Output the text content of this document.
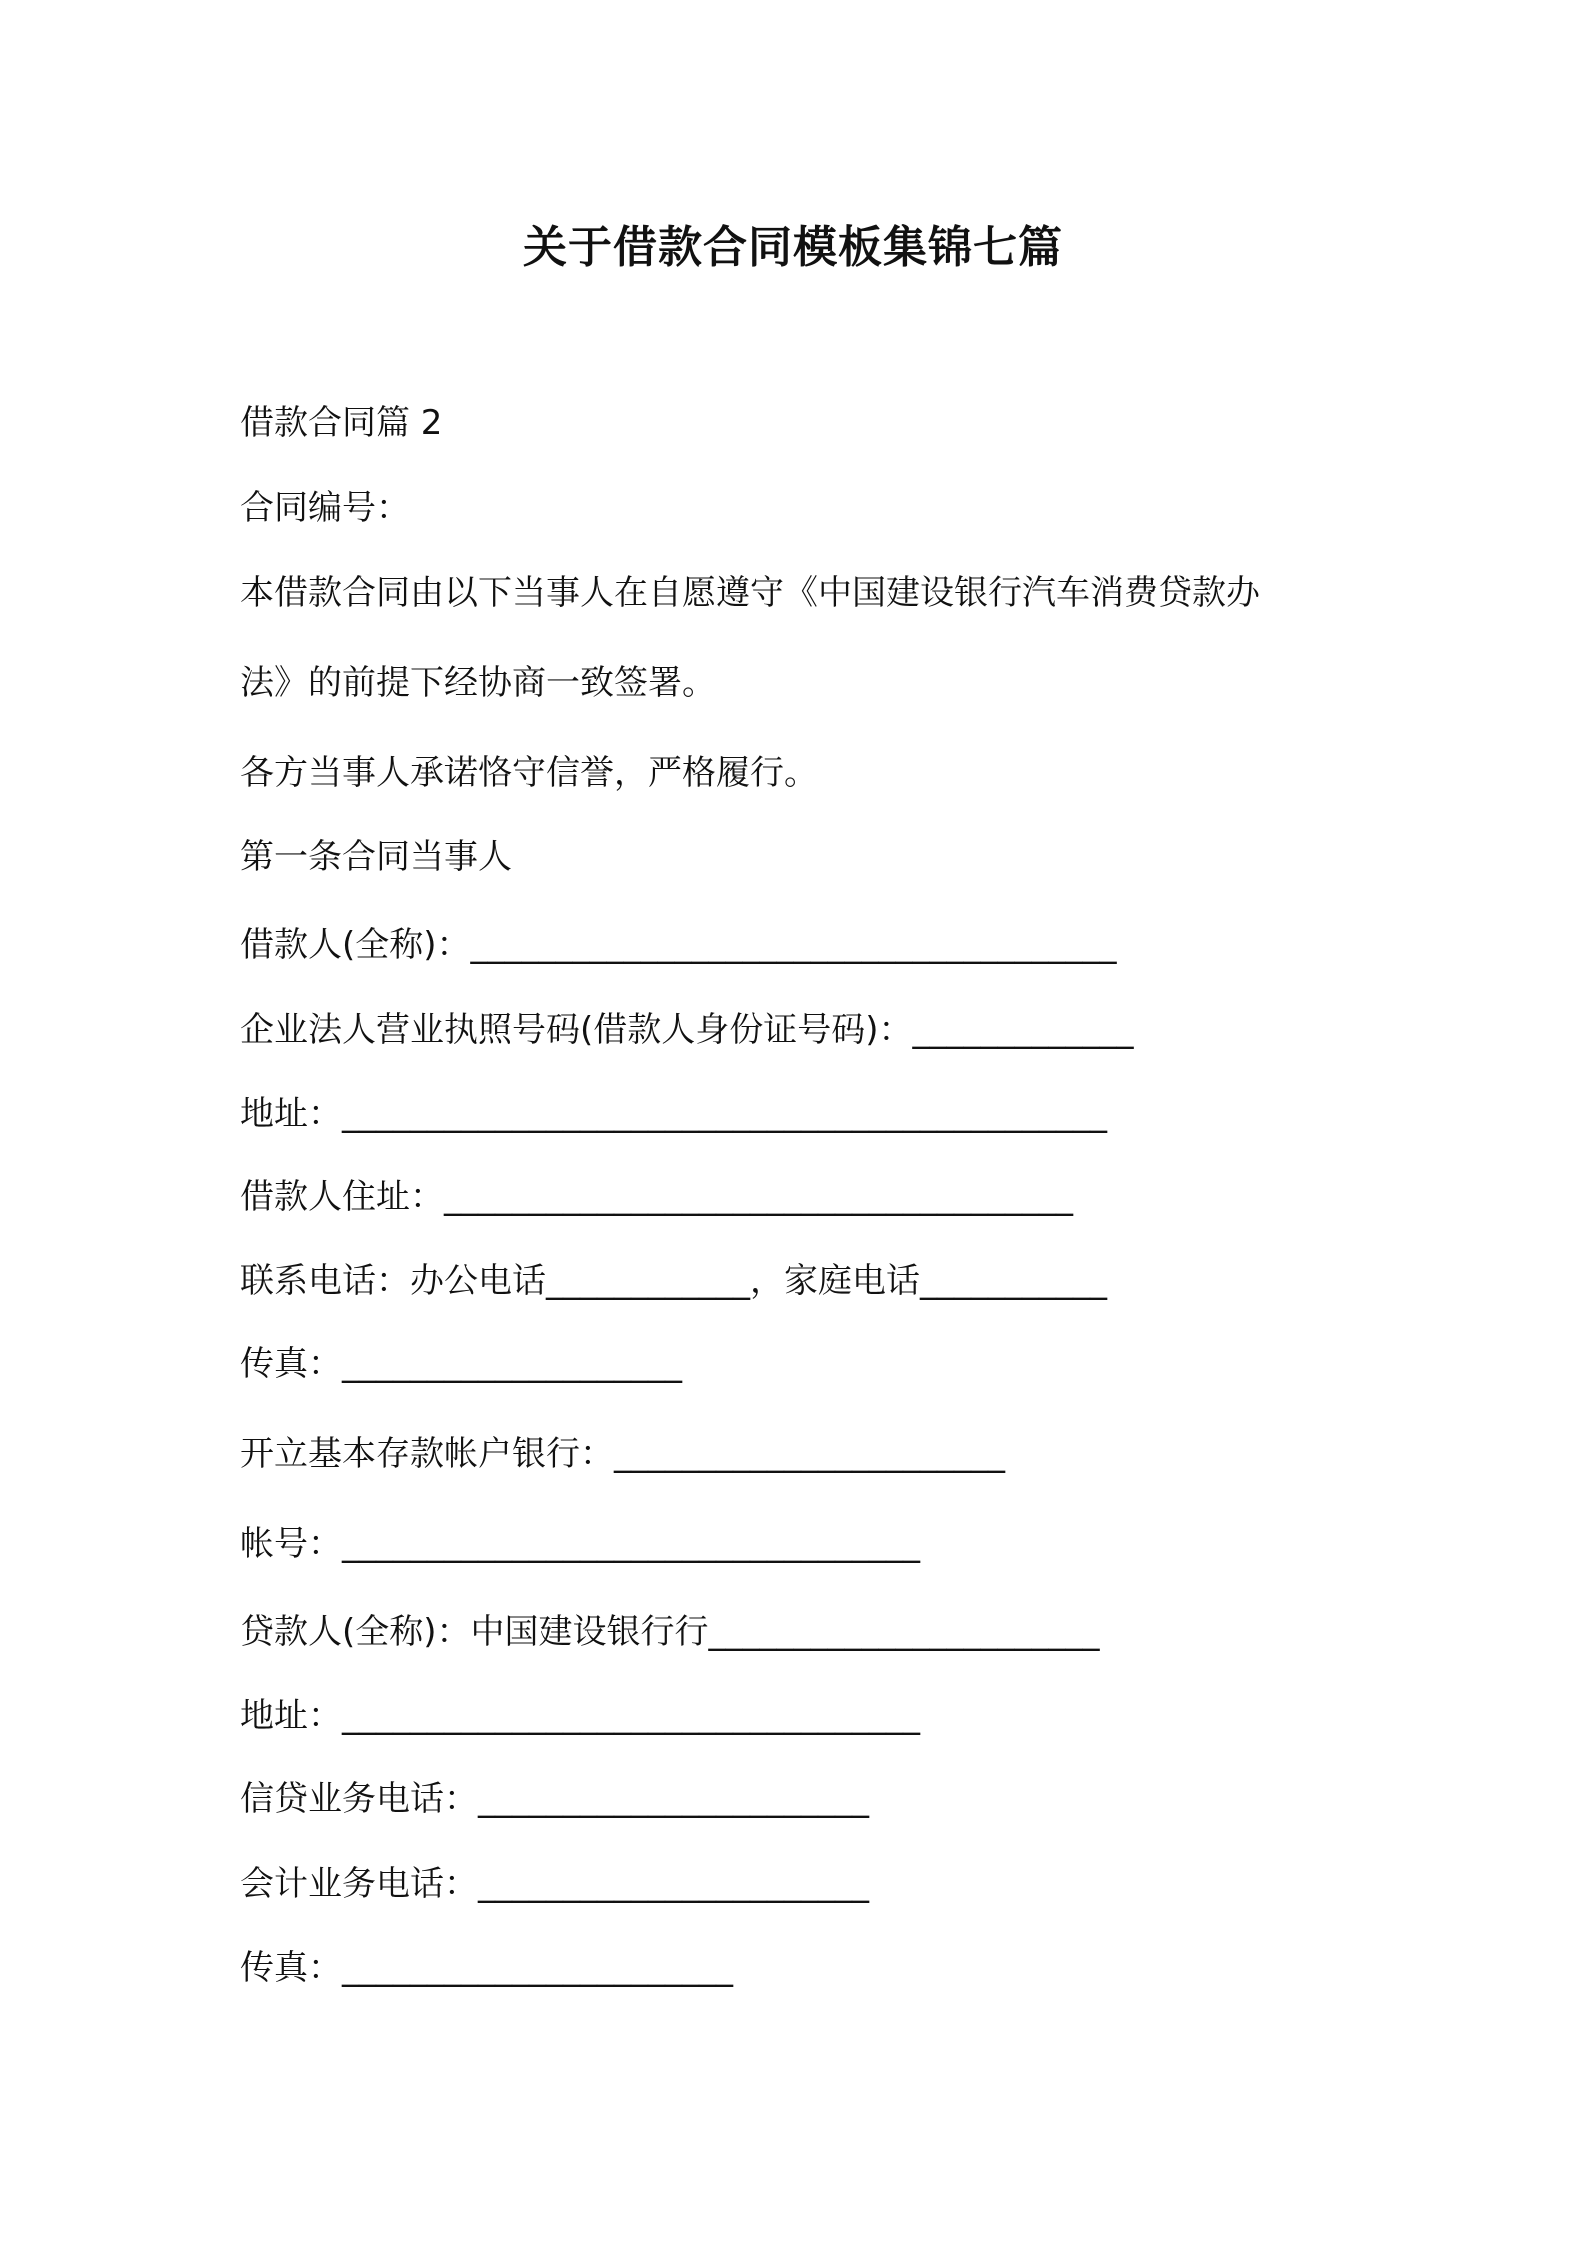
关于借款合同模板集锦七篇
借款合同篇 2
合同编号：
本借款合同由以下当事人在自愿遵守《中国建设银行汽车消费贷款办
法》的前提下经协商一致签署。
各方当事人承诺恪守信誉，严格履行。
第一条合同当事人
借款人(全称)：______________________________________
企业法人营业执照号码(借款人身份证号码)：_____________
地址：_____________________________________________
借款人住址：_____________________________________
联系电话：办公电话____________，家庭电话___________
传真：____________________
开立基本存款帐户银行：_______________________
帐号：__________________________________
贷款人(全称)：中国建设银行行_______________________
地址：__________________________________
信贷业务电话：_______________________
会计业务电话：_______________________
传真：_______________________
